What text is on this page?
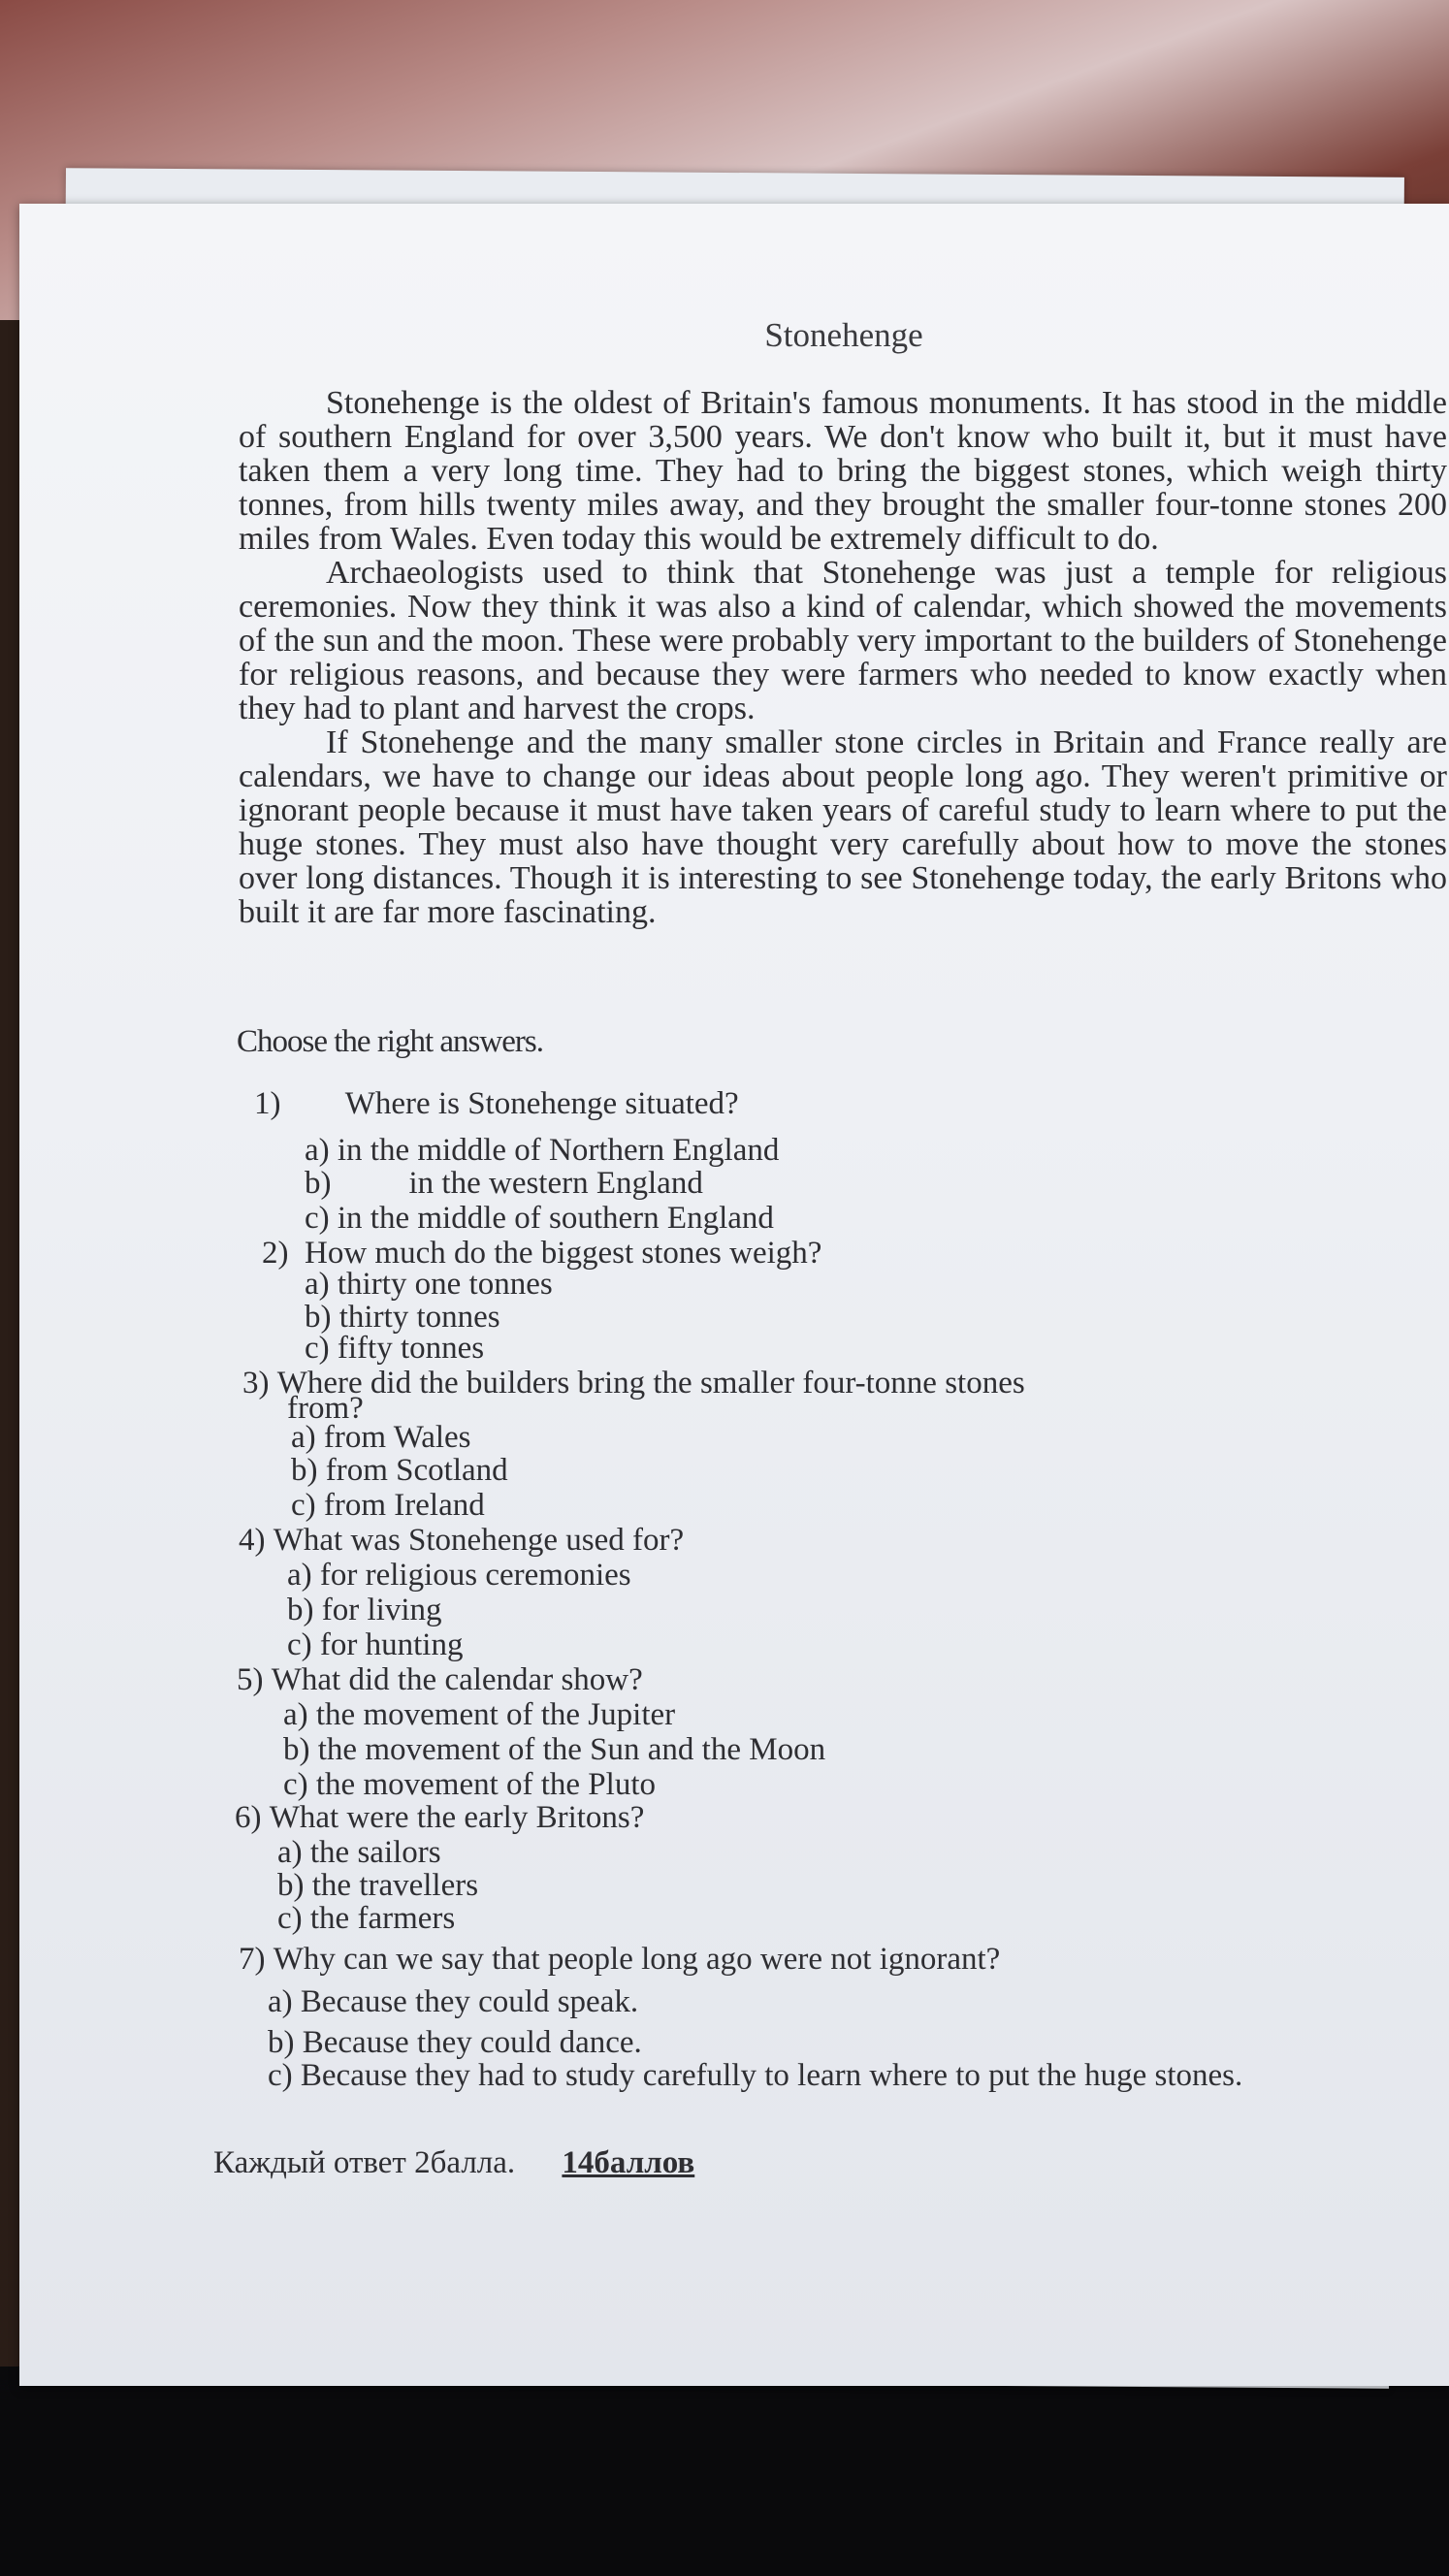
Stonehenge

Stonehenge is the oldest of Britain's famous monuments. It has stood in the middle of southern England for over 3,500 years. We don't know who built it, but it must have taken them a very long time. They had to bring the biggest stones, which weigh thirty tonnes, from hills twenty miles away, and they brought the smaller four-tonne stones 200 miles from Wales. Even today this would be extremely difficult to do.

Archaeologists used to think that Stonehenge was just a temple for religious ceremonies. Now they think it was also a kind of calendar, which showed the movements of the sun and the moon. These were probably very important to the builders of Stonehenge for religious reasons, and because they were farmers who needed to know exactly when they had to plant and harvest the crops.

If Stonehenge and the many smaller stone circles in Britain and France really are calendars, we have to change our ideas about people long ago. They weren't primitive or ignorant people because it must have taken years of careful study to learn where to put the huge stones. They must also have thought very carefully about how to move the stones over long distances. Though it is interesting to see Stonehenge today, the early Britons who built it are far more fascinating.

Choose the right answers.
1) Where is Stonehenge situated?
a) in the middle of Northern England
b) in the western England
c) in the middle of southern England
2) How much do the biggest stones weigh?
a) thirty one tonnes
b) thirty tonnes
c) fifty tonnes
3) Where did the builders bring the smaller four-tonne stones
from?
a) from Wales
b) from Scotland
c) from Ireland
4) What was Stonehenge used for?
a) for religious ceremonies
b) for living
c) for hunting
5) What did the calendar show?
a) the movement of the Jupiter
b) the movement of the Sun and the Moon
c) the movement of the Pluto
6) What were the early Britons?
a) the sailors
b) the travellers
c) the farmers
7) Why can we say that people long ago were not ignorant?
a) Because they could speak.
b) Because they could dance.
c) Because they had to study carefully to learn where to put the huge stones.
Каждый ответ 2балла. 14баллов
